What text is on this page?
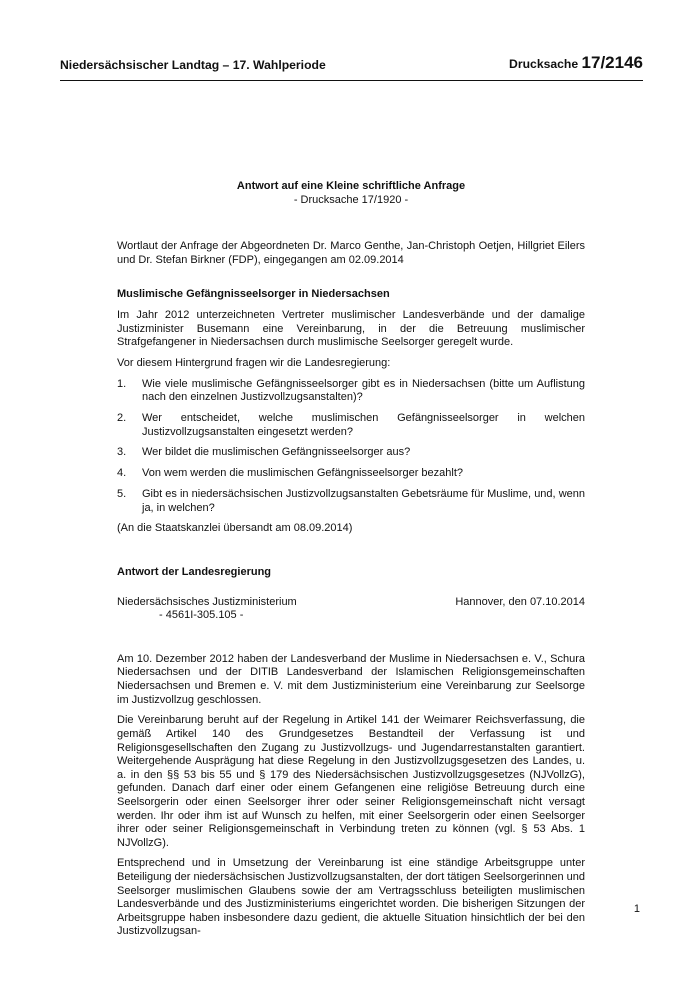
Niedersächsischer Landtag – 17. Wahlperiode	Drucksache 17/2146
Antwort auf eine Kleine schriftliche Anfrage
- Drucksache 17/1920 -

Wortlaut der Anfrage der Abgeordneten Dr. Marco Genthe, Jan-Christoph Oetjen, Hillgriet Eilers und Dr. Stefan Birkner (FDP), eingegangen am 02.09.2014

Muslimische Gefängnisseelsorger in Niedersachsen

Im Jahr 2012 unterzeichneten Vertreter muslimischer Landesverbände und der damalige Justizminister Busemann eine Vereinbarung, in der die Betreuung muslimischer Strafgefangener in Niedersachsen durch muslimische Seelsorger geregelt wurde.

Vor diesem Hintergrund fragen wir die Landesregierung:

1.	Wie viele muslimische Gefängnisseelsorger gibt es in Niedersachsen (bitte um Auflistung nach den einzelnen Justizvollzugsanstalten)?
2.	Wer entscheidet, welche muslimischen Gefängnisseelsorger in welchen Justizvollzugsanstalten eingesetzt werden?
3.	Wer bildet die muslimischen Gefängnisseelsorger aus?
4.	Von wem werden die muslimischen Gefängnisseelsorger bezahlt?
5.	Gibt es in niedersächsischen Justizvollzugsanstalten Gebetsräume für Muslime, und, wenn ja, in welchen?

(An die Staatskanzlei übersandt am 08.09.2014)

Antwort der Landesregierung

Niedersächsisches Justizministerium	Hannover, den 07.10.2014

- 4561I-305.105 -

Am 10. Dezember 2012 haben der Landesverband der Muslime in Niedersachsen e. V., Schura Niedersachsen und der DITIB Landesverband der Islamischen Religionsgemeinschaften Niedersachsen und Bremen e. V. mit dem Justizministerium eine Vereinbarung zur Seelsorge im Justizvollzug geschlossen.

Die Vereinbarung beruht auf der Regelung in Artikel 141 der Weimarer Reichsverfassung, die gemäß Artikel 140 des Grundgesetzes Bestandteil der Verfassung ist und Religionsgesellschaften den Zugang zu Justizvollzugs- und Jugendarrestanstalten garantiert. Weitergehende Ausprägung hat diese Regelung in den Justizvollzugsgesetzen des Landes, u. a. in den §§ 53 bis 55 und § 179 des Niedersächsischen Justizvollzugsgesetzes (NJVollzG), gefunden. Danach darf einer oder einem Gefangenen eine religiöse Betreuung durch eine Seelsorgerin oder einen Seelsorger ihrer oder seiner Religionsgemeinschaft nicht versagt werden. Ihr oder ihm ist auf Wunsch zu helfen, mit einer Seelsorgerin oder einen Seelsorger ihrer oder seiner Religionsgemeinschaft in Verbindung treten zu können (vgl. § 53 Abs. 1 NJVollzG).

Entsprechend und in Umsetzung der Vereinbarung ist eine ständige Arbeitsgruppe unter Beteiligung der niedersächsischen Justizvollzugsanstalten, der dort tätigen Seelsorgerinnen und Seelsorger muslimischen Glaubens sowie der am Vertragsschluss beteiligten muslimischen Landesverbände und des Justizministeriums eingerichtet worden. Die bisherigen Sitzungen der Arbeitsgruppe haben insbesondere dazu gedient, die aktuelle Situation hinsichtlich der bei den Justizvollzugsan-

1
